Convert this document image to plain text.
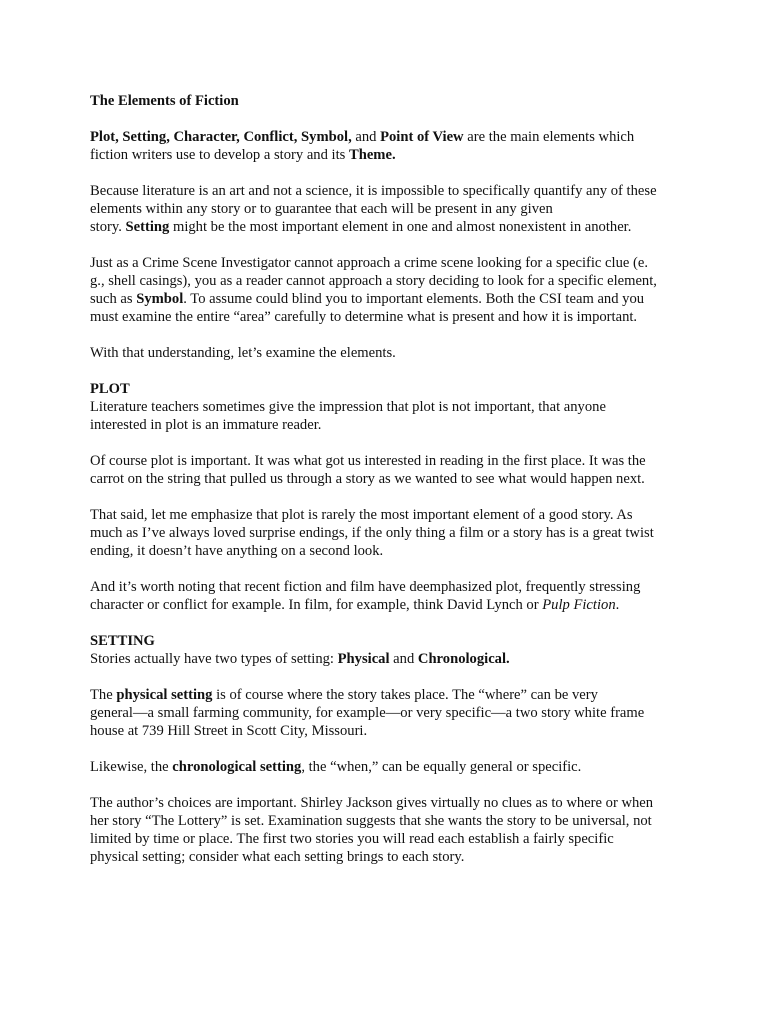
The Elements of Fiction

Plot, Setting, Character, Conflict, Symbol, and Point of View are the main elements which
fiction writers use to develop a story and its Theme.

Because literature is an art and not a science, it is impossible to specifically quantify any of these
elements within any story or to guarantee that each will be present in any given
story. Setting might be the most important element in one and almost nonexistent in another.

Just as a Crime Scene Investigator cannot approach a crime scene looking for a specific clue (e.
g., shell casings), you as a reader cannot approach a story deciding to look for a specific element,
such as Symbol. To assume could blind you to important elements. Both the CSI team and you
must examine the entire “area” carefully to determine what is present and how it is important.

With that understanding, let’s examine the elements.

PLOT

Literature teachers sometimes give the impression that plot is not important, that anyone
interested in plot is an immature reader.

Of course plot is important. It was what got us interested in reading in the first place. It was the
carrot on the string that pulled us through a story as we wanted to see what would happen next.

That said, let me emphasize that plot is rarely the most important element of a good story. As
much as I’ve always loved surprise endings, if the only thing a film or a story has is a great twist
ending, it doesn’t have anything on a second look.

And it’s worth noting that recent fiction and film have deemphasized plot, frequently stressing
character or conflict for example. In film, for example, think David Lynch or Pulp Fiction.

SETTING

Stories actually have two types of setting: Physical and Chronological.

The physical setting is of course where the story takes place. The “where” can be very
general—a small farming community, for example—or very specific—a two story white frame
house at 739 Hill Street in Scott City, Missouri.

Likewise, the chronological setting, the “when,” can be equally general or specific.

The author’s choices are important. Shirley Jackson gives virtually no clues as to where or when
her story “The Lottery” is set. Examination suggests that she wants the story to be universal, not
limited by time or place. The first two stories you will read each establish a fairly specific
physical setting; consider what each setting brings to each story.
